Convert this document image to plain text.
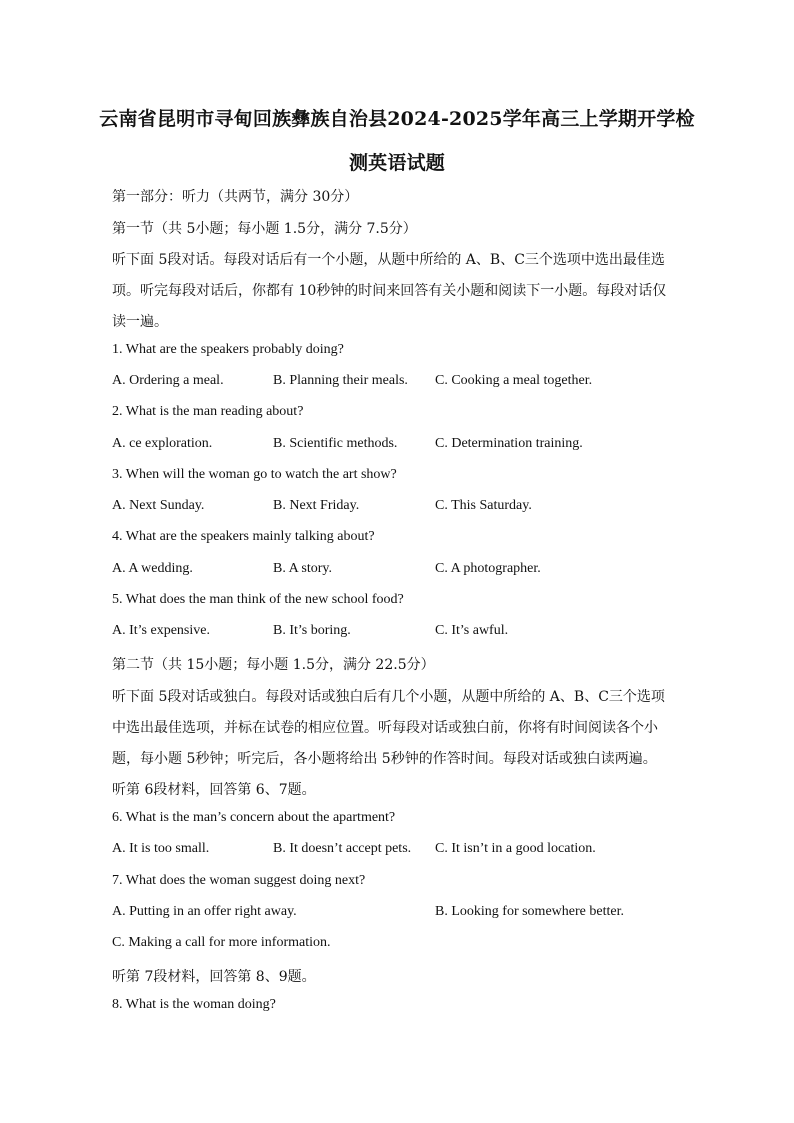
云南省昆明市寻甸回族彝族自治县2024-2025学年高三上学期开学检
测英语试题
第一部分：听力（共两节，满分 30分）
第一节（共 5小题；每小题 1.5分，满分 7.5分）
听下面 5段对话。每段对话后有一个小题，从题中所给的 A、B、C三个选项中选出最佳选
项。听完每段对话后，你都有 10秒钟的时间来回答有关小题和阅读下一小题。每段对话仅
读一遍。
1. What are the speakers probably doing?
A. Ordering a meal.	B. Planning their meals. C. Cooking a meal together.
2. What is the man reading about?
A. ce exploration.	B. Scientific methods.	C. Determination training.
3. When will the woman go to watch the art show?
A. Next Sunday.	B. Next Friday.	C. This Saturday.
4. What are the speakers mainly talking about?
A. A wedding.	B. A story.	C. A photographer.
5. What does the man think of the new school food?
A. It’s expensive.	B. It’s boring.	C. It’s awful.
第二节（共 15小题；每小题 1.5分，满分 22.5分）
听下面 5段对话或独白。每段对话或独白后有几个小题，从题中所给的 A、B、C三个选项
中选出最佳选项，并标在试卷的相应位置。听每段对话或独白前，你将有时间阅读各个小
题，每小题 5秒钟；听完后，各小题将给出 5秒钟的作答时间。每段对话或独白读两遍。
听第 6段材料，回答第 6、7题。
6. What is the man’s concern about the apartment?
A. It is too small.	B. It doesn’t accept pets. C. It isn’t in a good location.
7. What does the woman suggest doing next?
A. Putting in an offer right away.	B. Looking for somewhere better.
C. Making a call for more information.
听第 7段材料，回答第 8、9题。
8. What is the woman doing?
